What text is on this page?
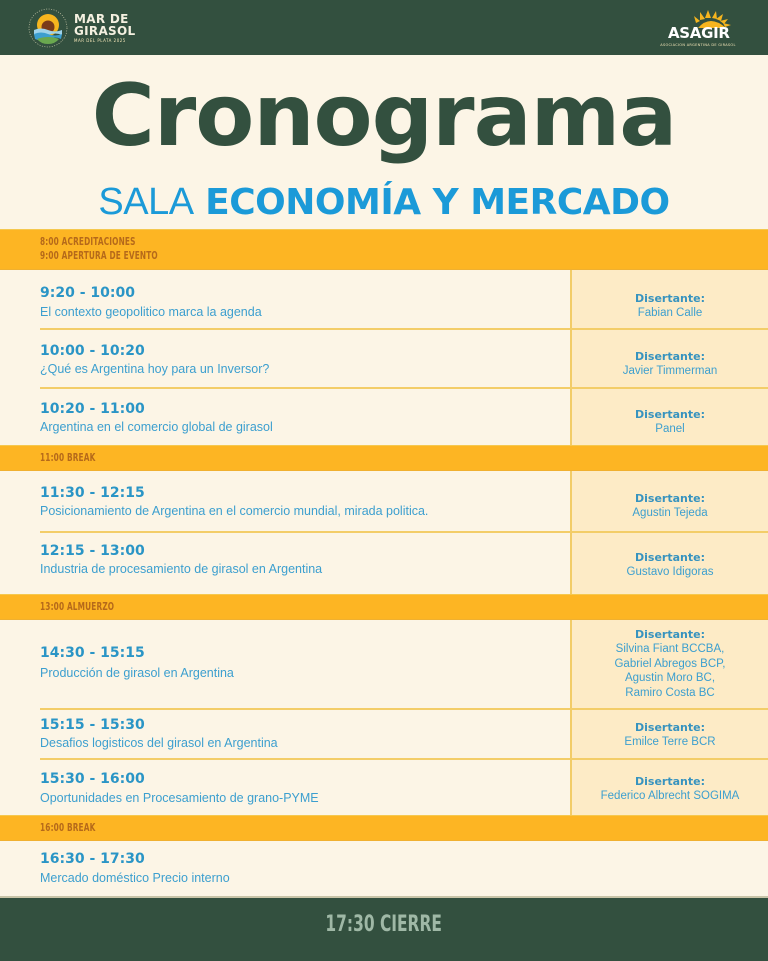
MAR DE
GIRASOL
MAR DEL PLATA 2025	ASAGIR
ASOCIACION ARGENTINA DE GIRASOL
Cronograma
SALA ECONOMÍA Y MERCADO
8:00 ACREDITACIONES
9:00 APERTURA DE EVENTO
9:20 - 10:00
El contexto geopolitico marca la agenda
Disertante:
Fabian Calle
10:00 - 10:20
¿Qué es Argentina hoy para un Inversor?
Disertante:
Javier Timmerman
10:20 - 11:00
Argentina en el comercio global de girasol
Disertante:
Panel
11:00 BREAK
11:30 - 12:15
Posicionamiento de Argentina en el comercio mundial, mirada politica.
Disertante:
Agustin Tejeda
12:15 - 13:00
Industria de procesamiento de girasol en Argentina
Disertante:
Gustavo Idigoras
13:00 ALMUERZO
14:30 - 15:15
Producción de girasol en Argentina
Disertante:
Silvina Fiant BCCBA,
Gabriel Abregos BCP,
Agustin Moro BC,
Ramiro Costa BC
15:15 - 15:30
Desafios logisticos del girasol en Argentina
Disertante:
Emilce Terre BCR
15:30 - 16:00
Oportunidades en Procesamiento de grano-PYME
Disertante:
Federico Albrecht SOGIMA
16:00 BREAK
16:30 - 17:30
Mercado doméstico Precio interno
17:30 CIERRE
